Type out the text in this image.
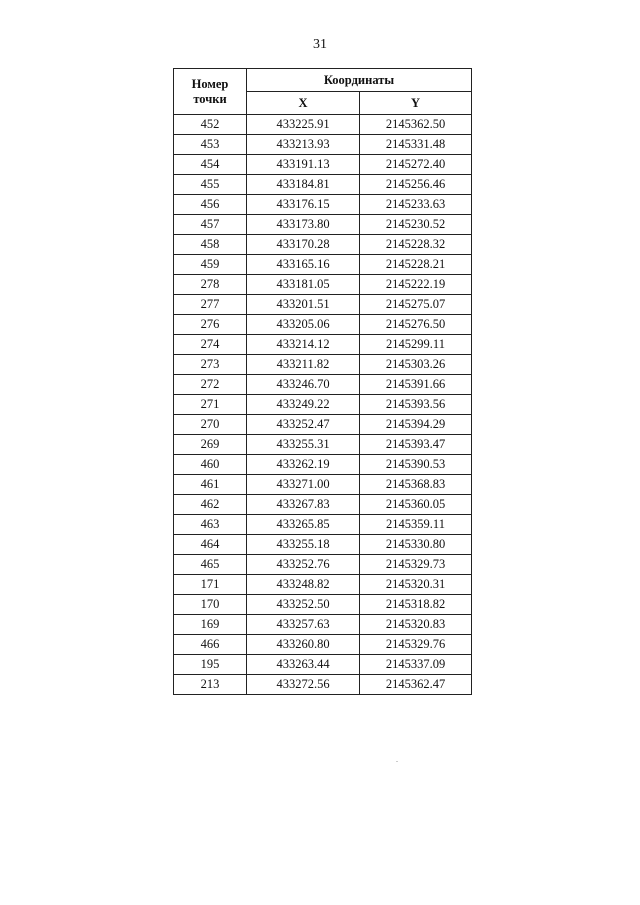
31
Номер точки	Координаты	
	X	Y
452	433225.91	2145362.50
453	433213.93	2145331.48
454	433191.13	2145272.40
455	433184.81	2145256.46
456	433176.15	2145233.63
457	433173.80	2145230.52
458	433170.28	2145228.32
459	433165.16	2145228.21
278	433181.05	2145222.19
277	433201.51	2145275.07
276	433205.06	2145276.50
274	433214.12	2145299.11
273	433211.82	2145303.26
272	433246.70	2145391.66
271	433249.22	2145393.56
270	433252.47	2145394.29
269	433255.31	2145393.47
460	433262.19	2145390.53
461	433271.00	2145368.83
462	433267.83	2145360.05
463	433265.85	2145359.11
464	433255.18	2145330.80
465	433252.76	2145329.73
171	433248.82	2145320.31
170	433252.50	2145318.82
169	433257.63	2145320.83
466	433260.80	2145329.76
195	433263.44	2145337.09
213	433272.56	2145362.47
